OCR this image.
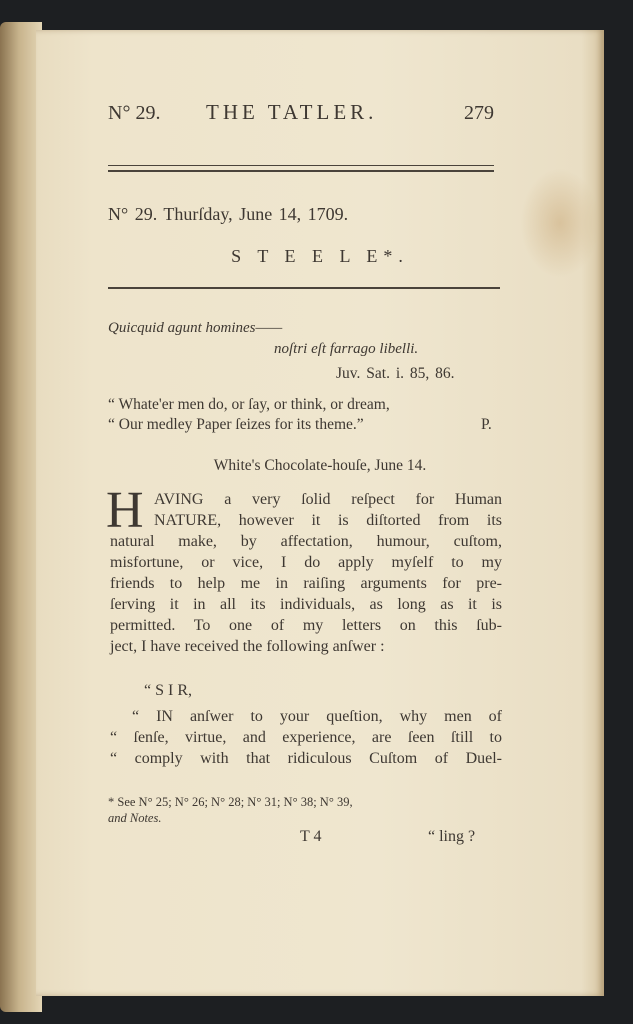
N° 29. THE TATLER.	279
N° 29. Thurſday, June 14, 1709.
S T E E L E*.
Quicquid agunt homines——
noſtri eſt farrago libelli.
Juv. Sat. i. 85, 86.
“ Whate'er men do, or ſay, or think, or dream,
“ Our medley Paper ſeizes for its theme.”	P.
White's Chocolate-houſe, June 14.
H AVING a very ſolid reſpect for Human
NATURE, however it is diſtorted from its
natural make, by affectation, humour, cuſtom,
misfortune, or vice, I do apply myſelf to my
friends to help me in raiſing arguments for pre-
ſerving it in all its individuals, as long as it is
permitted. To one of my letters on this ſub-
ject, I have received the following anſwer :
“ S I R,
“ IN anſwer to your queſtion, why men of
“ ſenſe, virtue, and experience, are ſeen ſtill to
“ comply with that ridiculous Cuſtom of Duel-
* See N° 25; N° 26; N° 28; N° 31; N° 38; N° 39,
and Notes.
T 4	“ ling ?
